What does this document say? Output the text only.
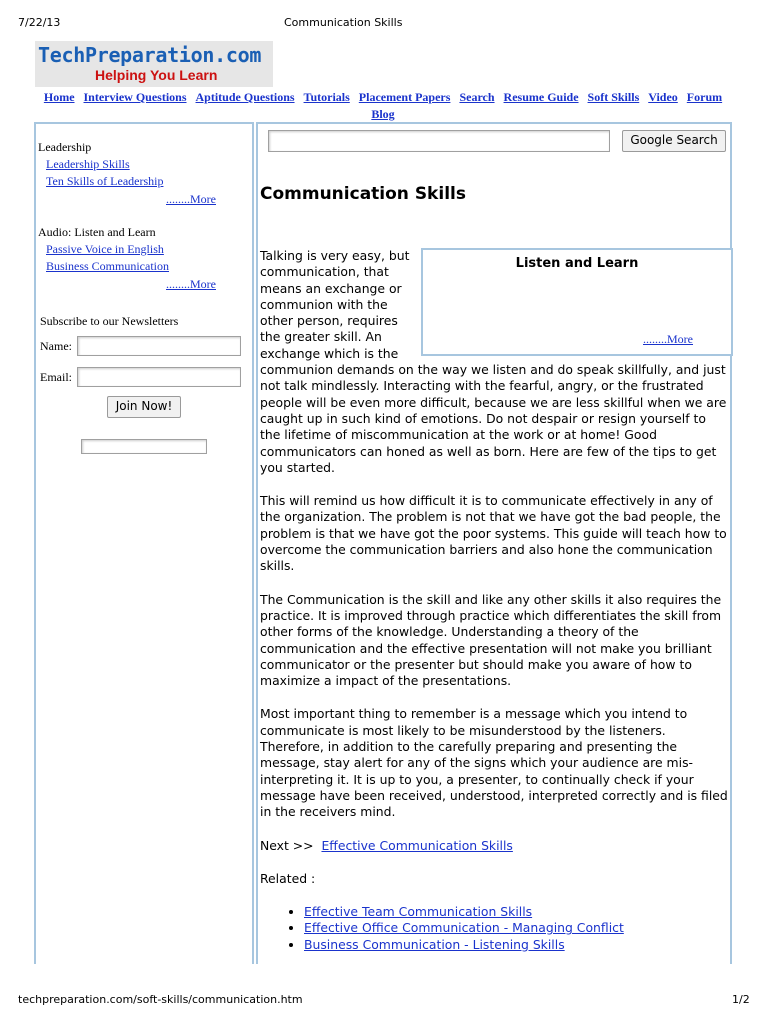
7/22/13	Communication Skills
TechPreparation.com
Helping You Learn
Home Interview Questions Aptitude Questions Tutorials Placement Papers Search Resume Guide Soft Skills Video Forum Blog
Leadership
Leadership Skills
Ten Skills of Leadership
........More
Audio: Listen and Learn
Passive Voice in English
Business Communication
........More
Subscribe to our Newsletters
Name:
Email:
Join Now!
Google Search
Communication Skills

Talking is very easy, but communication, that means an exchange or communion with the other person, requires the greater skill. An exchange which is the communion demands on the way we listen and do speak skillfully, and just not talk mindlessly. Interacting with the fearful, angry, or the frustrated people will be even more difficult, because we are less skillful when we are caught up in such kind of emotions. Do not despair or resign yourself to the lifetime of miscommunication at the work or at home! Good communicators can honed as well as born. Here are few of the tips to get you started.

This will remind us how difficult it is to communicate effectively in any of the organization. The problem is not that we have got the bad people, the problem is that we have got the poor systems. This guide will teach how to overcome the communication barriers and also hone the communication skills.

The Communication is the skill and like any other skills it also requires the practice. It is improved through practice which differentiates the skill from other forms of the knowledge. Understanding a theory of the communication and the effective presentation will not make you brilliant communicator or the presenter but should make you aware of how to maximize a impact of the presentations.

Most important thing to remember is a message which you intend to communicate is most likely to be misunderstood by the listeners. Therefore, in addition to the carefully preparing and presenting the message, stay alert for any of the signs which your audience are mis-interpreting it. It is up to you, a presenter, to continually check if your message have been received, understood, interpreted correctly and is filed in the receivers mind.

Next >> Effective Communication Skills

Related :

• Effective Team Communication Skills
• Effective Office Communication - Managing Conflict
• Business Communication - Listening Skills
Listen and Learn
........More
techpreparation.com/soft-skills/communication.htm	1/2
